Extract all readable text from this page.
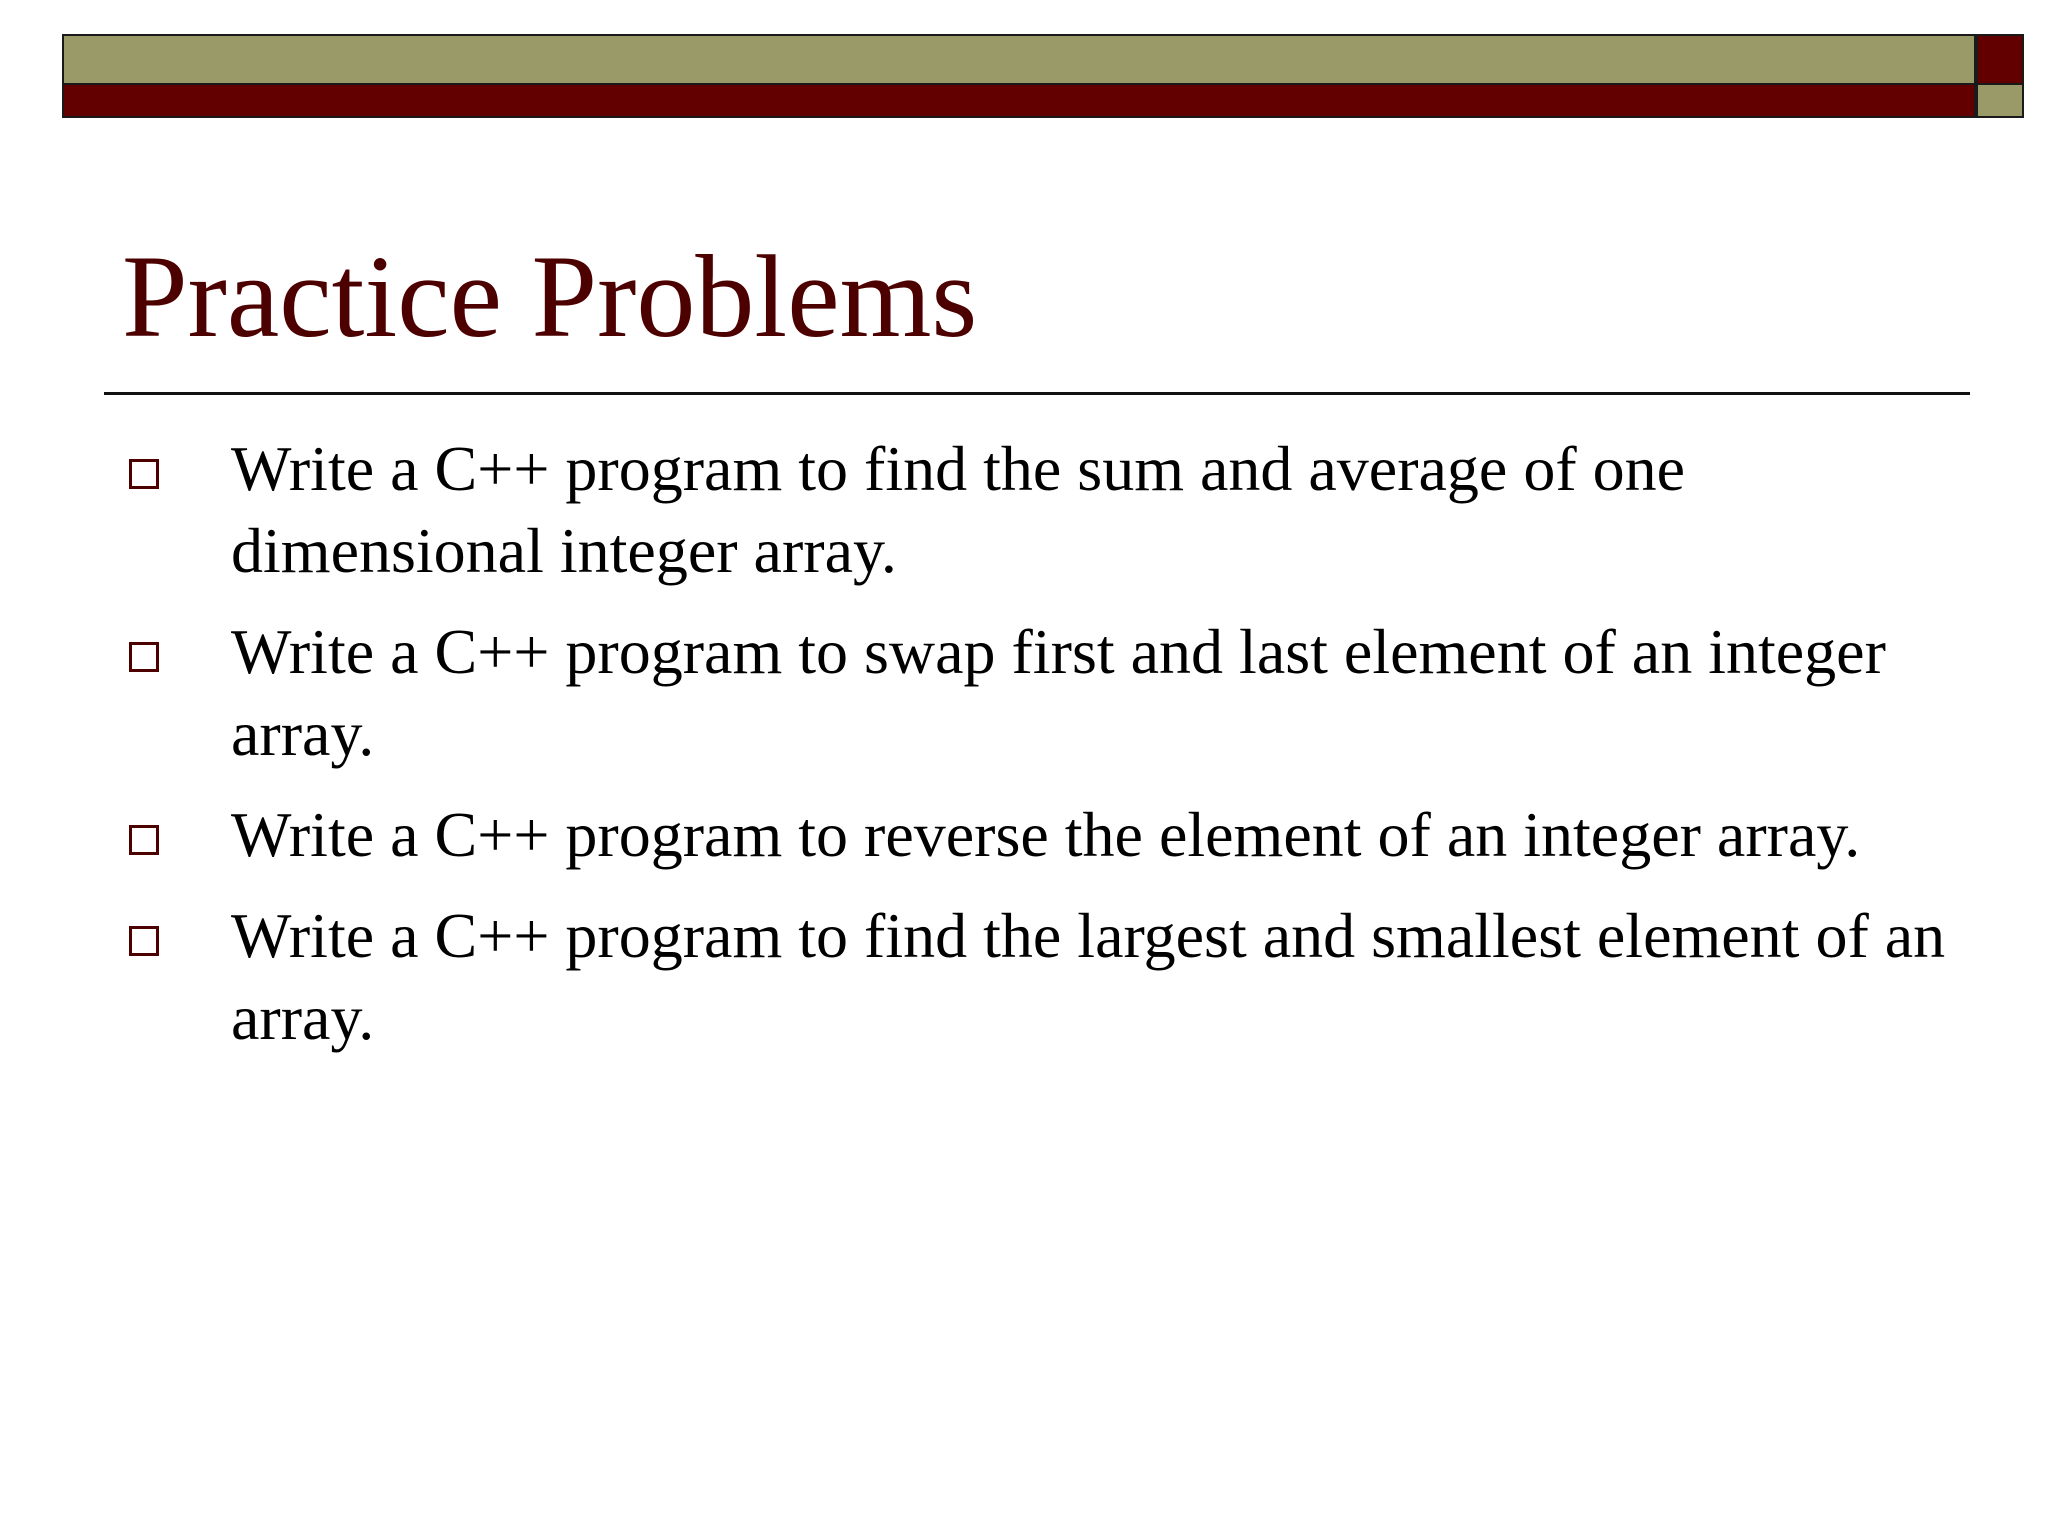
Practice Problems
Write a C++ program to find the sum and average of one dimensional integer array.
Write a C++ program to swap first and last element of an integer array.
Write a C++ program to reverse the element of an integer array.
Write a C++ program to find the largest and smallest element of an array.
